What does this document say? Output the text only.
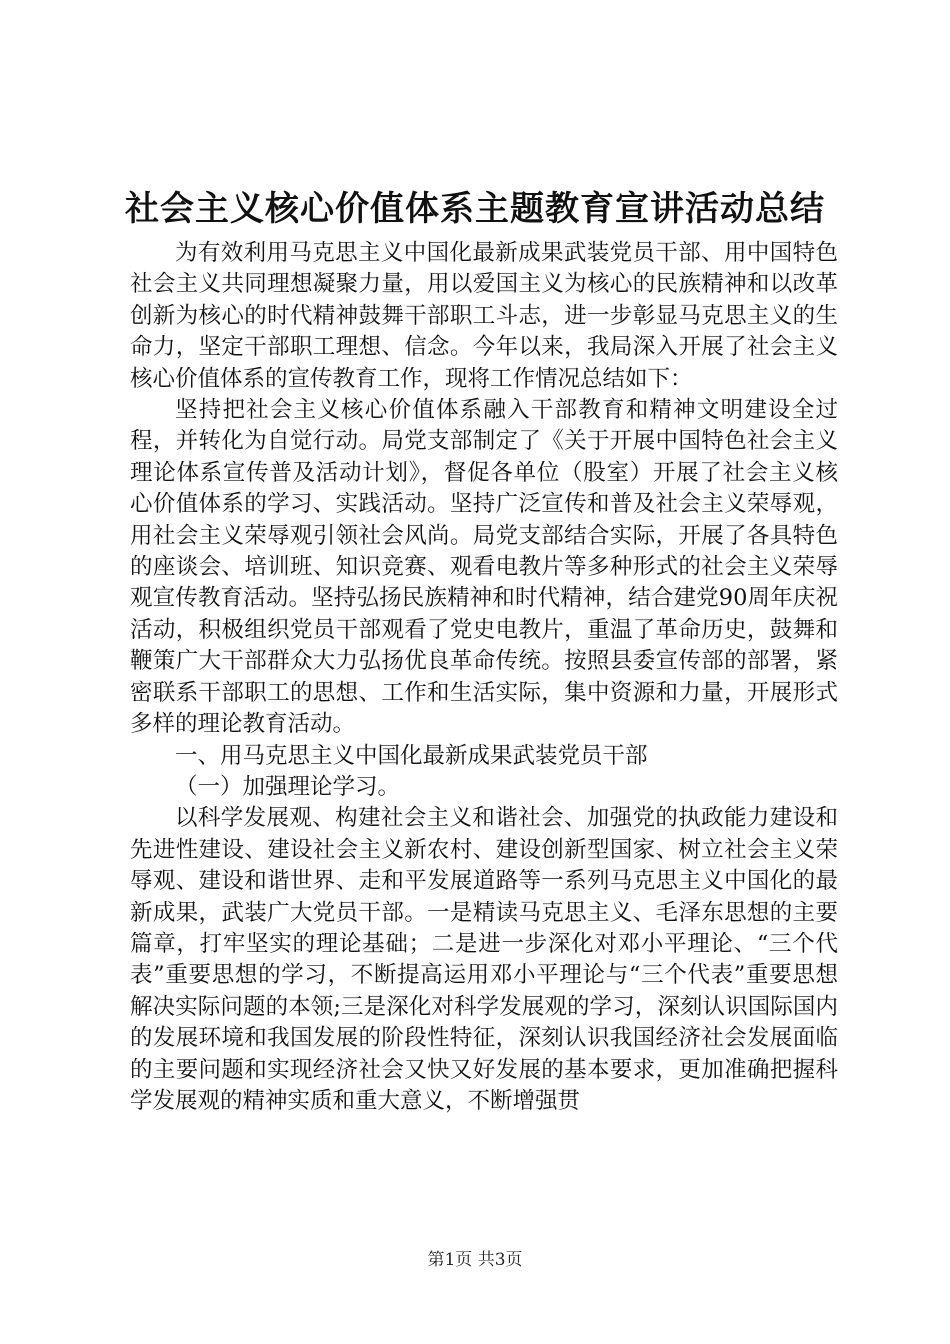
社会主义核心价值体系主题教育宣讲活动总结

为有效利用马克思主义中国化最新成果武装党员干部、用中国特色社会主义共同理想凝聚力量，用以爱国主义为核心的民族精神和以改革创新为核心的时代精神鼓舞干部职工斗志，进一步彰显马克思主义的生命力，坚定干部职工理想、信念。今年以来，我局深入开展了社会主义核心价值体系的宣传教育工作，现将工作情况总结如下：

坚持把社会主义核心价值体系融入干部教育和精神文明建设全过程，并转化为自觉行动。局党支部制定了《关于开展中国特色社会主义理论体系宣传普及活动计划》，督促各单位（股室）开展了社会主义核心价值体系的学习、实践活动。坚持广泛宣传和普及社会主义荣辱观，用社会主义荣辱观引领社会风尚。局党支部结合实际，开展了各具特色的座谈会、培训班、知识竞赛、观看电教片等多种形式的社会主义荣辱观宣传教育活动。坚持弘扬民族精神和时代精神，结合建党90周年庆祝活动，积极组织党员干部观看了党史电教片，重温了革命历史，鼓舞和鞭策广大干部群众大力弘扬优良革命传统。按照县委宣传部的部署，紧密联系干部职工的思想、工作和生活实际，集中资源和力量，开展形式多样的理论教育活动。

一、用马克思主义中国化最新成果武装党员干部

（一）加强理论学习。

以科学发展观、构建社会主义和谐社会、加强党的执政能力建设和先进性建设、建设社会主义新农村、建设创新型国家、树立社会主义荣辱观、建设和谐世界、走和平发展道路等一系列马克思主义中国化的最新成果，武装广大党员干部。一是精读马克思主义、毛泽东思想的主要篇章，打牢坚实的理论基础；二是进一步深化对邓小平理论、“三个代表”重要思想的学习，不断提高运用邓小平理论与“三个代表”重要思想解决实际问题的本领;三是深化对科学发展观的学习，深刻认识国际国内的发展环境和我国发展的阶段性特征，深刻认识我国经济社会发展面临的主要问题和实现经济社会又快又好发展的基本要求，更加准确把握科学发展观的精神实质和重大意义，不断增强贯

第1页 共3页
